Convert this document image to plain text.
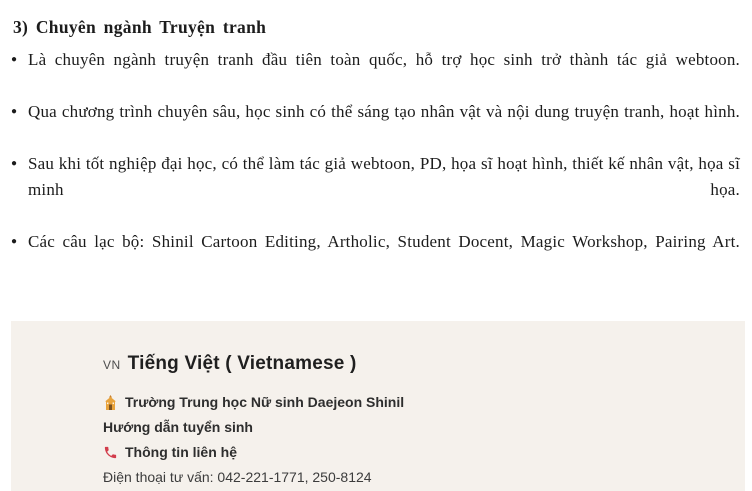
3) Chuyên ngành Truyện tranh
● Là chuyên ngành truyện tranh đầu tiên toàn quốc, hỗ trợ học sinh trở thành tác giả webtoon.

● Qua chương trình chuyên sâu, học sinh có thể sáng tạo nhân vật và nội dung truyện tranh, hoạt hình.

● Sau khi tốt nghiệp đại học, có thể làm tác giả webtoon, PD, họa sĩ hoạt hình, thiết kế nhân vật, họa sĩ minh họa.

● Các câu lạc bộ: Shinil Cartoon Editing, Artholic, Student Docent, Magic Workshop, Pairing Art.

VN Tiếng Việt ( Vietnamese )
Trường Trung học Nữ sinh Daejeon Shinil
Hướng dẫn tuyển sinh
Thông tin liên hệ
Điện thoại tư vấn: 042-221-1771, 250-8124
